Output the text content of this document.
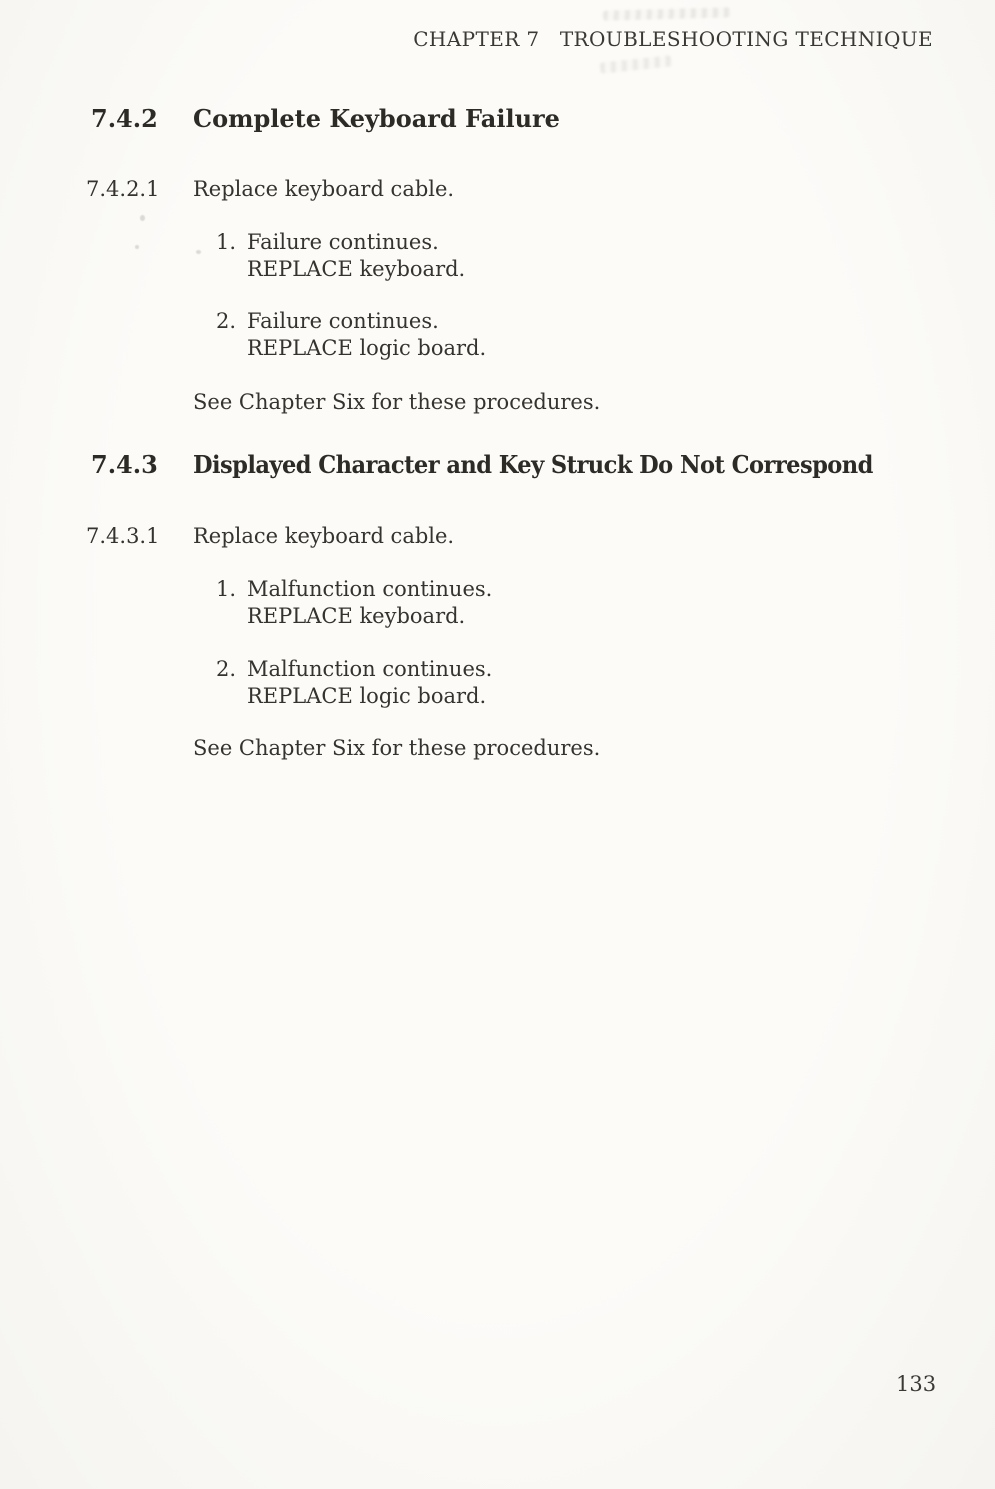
CHAPTER 7   TROUBLESHOOTING TECHNIQUE
7.4.2 Complete Keyboard Failure
7.4.2.1 Replace keyboard cable.
1. Failure continues.
REPLACE keyboard.
2. Failure continues.
REPLACE logic board.
See Chapter Six for these procedures.
7.4.3 Displayed Character and Key Struck Do Not Correspond
7.4.3.1 Replace keyboard cable.
1. Malfunction continues.
REPLACE keyboard.
2. Malfunction continues.
REPLACE logic board.
See Chapter Six for these procedures.
133
